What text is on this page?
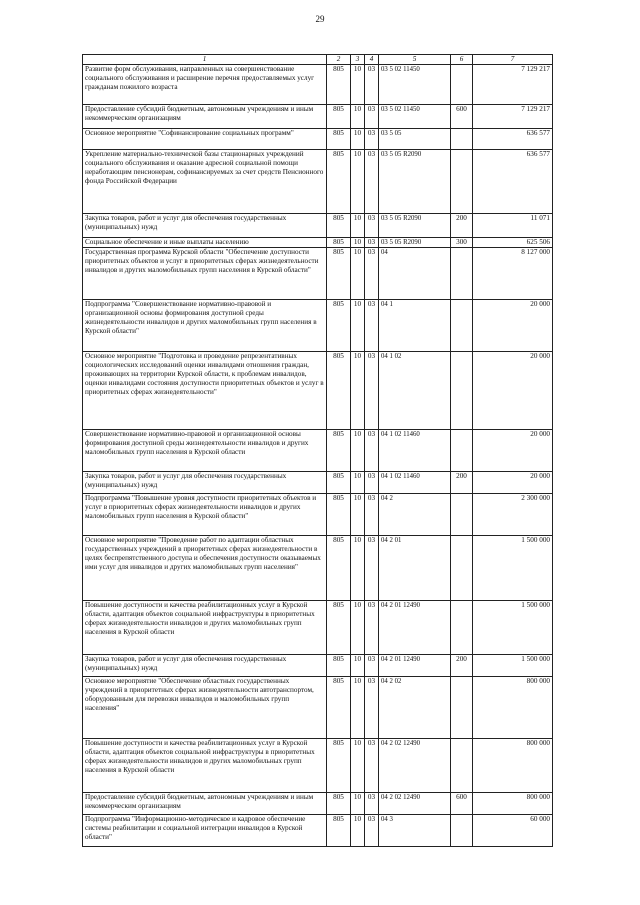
29
1	2	3	4	5	6	7
Развитие форм обслуживания, направленных на совершенствование социального обслуживания и расширение перечня предоставляемых услуг гражданам пожилого возраста	805	10	03	03 5 02 11450		7 129 217
Предоставление субсидий бюджетным, автономным учреждениям и иным некоммерческим организациям	805	10	03	03 5 02 11450	600	7 129 217
Основное мероприятие "Софинансирование социальных программ"	805	10	03	03 5 05		636 577
Укрепление материально-технической базы стационарных учреждений социального обслуживания и оказание адресной социальной помощи неработающим пенсионерам, софинансируемых за счет средств Пенсионного фонда Российской Федерации	805	10	03	03 5 05 R2090		636 577
Закупка товаров, работ и услуг для обеспечения государственных (муниципальных) нужд	805	10	03	03 5 05 R2090	200	11 071
Социальное обеспечение и иные выплаты населению	805	10	03	03 5 05 R2090	300	625 506
Государственная программа Курской области "Обеспечение доступности приоритетных объектов и услуг в приоритетных сферах жизнедеятельности инвалидов и других маломобильных групп населения в Курской области"	805	10	03	04		8 127 000
Подпрограмма "Совершенствование нормативно-правовой и организационной основы формирования доступной среды жизнедеятельности инвалидов и других маломобильных групп населения в Курской области"	805	10	03	04 1		20 000
Основное мероприятие "Подготовка и проведение репрезентативных социологических исследований оценки инвалидами отношения граждан, проживающих на территории Курской области, к проблемам инвалидов, оценки инвалидами состояния доступности приоритетных объектов и услуг в приоритетных сферах жизнедеятельности"	805	10	03	04 1 02		20 000
Совершенствование нормативно-правовой и организационной основы формирования доступной среды жизнедеятельности инвалидов и других маломобильных групп населения в Курской области	805	10	03	04 1 02 11460		20 000
Закупка товаров, работ и услуг для обеспечения государственных (муниципальных) нужд	805	10	03	04 1 02 11460	200	20 000
Подпрограмма "Повышение уровня доступности приоритетных объектов и услуг в приоритетных сферах жизнедеятельности инвалидов и других маломобильных групп населения в Курской области"	805	10	03	04 2		2 300 000
Основное мероприятие "Проведение работ по адаптации областных государственных учреждений в приоритетных сферах жизнедеятельности в целях беспрепятственного доступа и обеспечения доступности оказываемых ими услуг для инвалидов и других маломобильных групп населения"	805	10	03	04 2 01		1 500 000
Повышение доступности и качества реабилитационных услуг в Курской области, адаптация объектов социальной инфраструктуры в приоритетных сферах жизнедеятельности инвалидов и других маломобильных групп населения в Курской области	805	10	03	04 2 01 12490		1 500 000
Закупка товаров, работ и услуг для обеспечения государственных (муниципальных) нужд	805	10	03	04 2 01 12490	200	1 500 000
Основное мероприятие "Обеспечение областных государственных учреждений в приоритетных сферах жизнедеятельности автотранспортом, оборудованным для перевозки инвалидов и маломобильных групп населения"	805	10	03	04 2 02		800 000
Повышение доступности и качества реабилитационных услуг в Курской области, адаптация объектов социальной инфраструктуры в приоритетных сферах жизнедеятельности инвалидов и других маломобильных групп населения в Курской области	805	10	03	04 2 02 12490		800 000
Предоставление субсидий бюджетным, автономным учреждениям и иным некоммерческим организациям	805	10	03	04 2 02 12490	600	800 000
Подпрограмма "Информационно-методическое и кадровое обеспечение системы реабилитации и социальной интеграции инвалидов в Курской области"	805	10	03	04 3		60 000
